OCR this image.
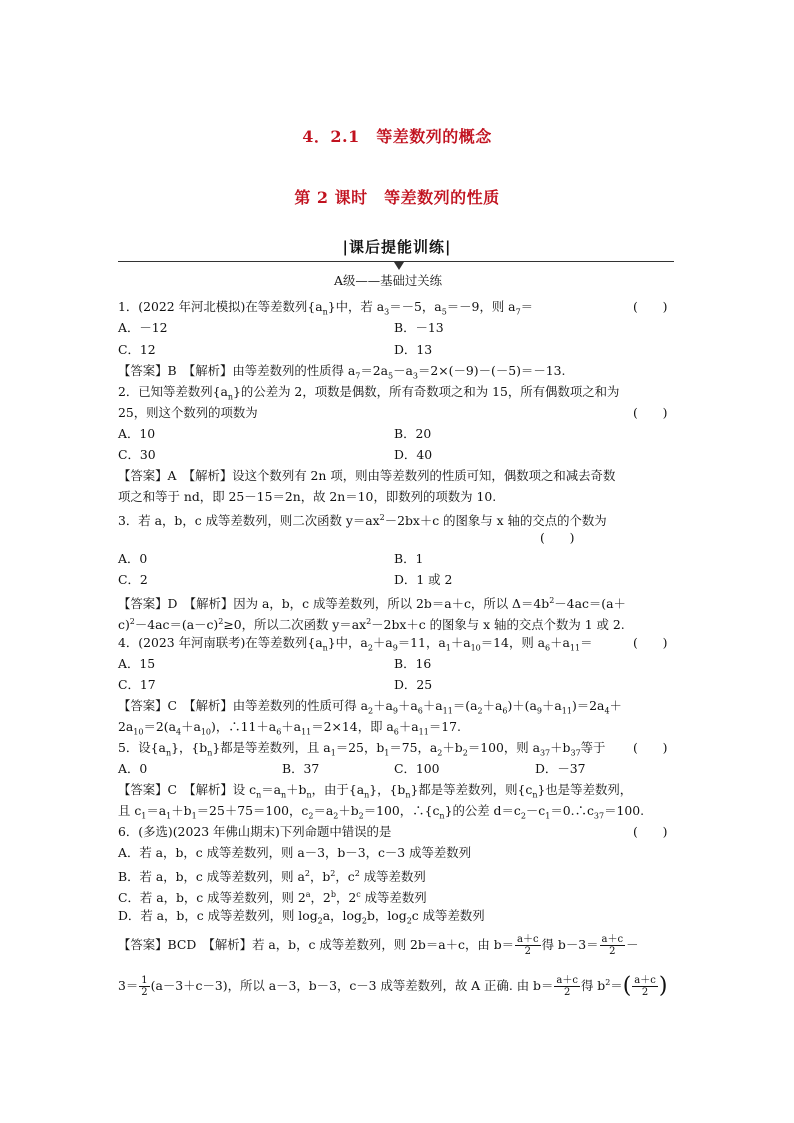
4．2.1　等差数列的概念
第 2 课时　等差数列的性质
|课后提能训练|
A级——基础过关练
1．(2022 年河北模拟)在等差数列$\{a_n\}$中，若 $a_3=-5$，$a_5=-9$，则 $a_7=$	(　　)
A．－12	B．－13
C．12	D．13
【答案】B　【解析】由等差数列的性质得 $a_7=2a_5-a_3=2\times(-9)-(-5)=-13$.
2．已知等差数列$\{a_n\}$的公差为 2，项数是偶数，所有奇数项之和为 15，所有偶数项之和为
25，则这个数列的项数为	(　　)
A．10	B．20
C．30	D．40
【答案】A　【解析】设这个数列有 2n 项，则由等差数列的性质可知，偶数项之和减去奇数
项之和等于 nd，即 25－15＝2n，故 2n＝10，即数列的项数为 10.
3．若 a，b，c 成等差数列，则二次函数 $y=ax^2-2bx+c$ 的图象与 x 轴的交点的个数为
(　　)
A．0	B．1
C．2	D．1 或 2
【答案】D　【解析】因为 a，b，c 成等差数列，所以 2b＝a＋c，所以 $\Delta=4b^2-4ac=(a+$
$c)^2-4ac=(a-c)^2\ge 0$，所以二次函数 $y=ax^2-2bx+c$ 的图象与 x 轴的交点个数为 1 或 2.
4．(2023 年河南联考)在等差数列$\{a_n\}$中，$a_2+a_9=11$，$a_1+a_{10}=14$，则 $a_6+a_{11}=$	(　　)
A．15	B．16
C．17	D．25
【答案】C　【解析】由等差数列的性质可得 $a_2+a_9+a_6+a_{11}=(a_2+a_6)+(a_9+a_{11})=2a_4+$
$2a_{10}=2(a_4+a_{10})$，$\therefore 11+a_6+a_{11}=2\times 14$，即 $a_6+a_{11}=17$.
5．设$\{a_n\}$，$\{b_n\}$都是等差数列，且 $a_1=25$，$b_1=75$，$a_2+b_2=100$，则 $a_{37}+b_{37}$等于	(　　)
A．0	B．37	C．100	D．－37
【答案】C　【解析】设 $c_n=a_n+b_n$，由于$\{a_n\}$，$\{b_n\}$都是等差数列，则$\{c_n\}$也是等差数列，
且 $c_1=a_1+b_1=25+75=100$，$c_2=a_2+b_2=100$，$\therefore\{c_n\}$的公差 $d=c_2-c_1=0.\therefore c_{37}=100$.
6．(多选)(2023 年佛山期末)下列命题中错误的是	(　　)
A．若 a，b，c 成等差数列，则 a－3，b－3，c－3 成等差数列
B．若 a，b，c 成等差数列，则 $a^2$，$b^2$，$c^2$ 成等差数列
C．若 a，b，c 成等差数列，则 2$^a$，2$^b$，2$^c$ 成等差数列
D．若 a，b，c 成等差数列，则 $\log_2a$，$\log_2b$，$\log_2c$ 成等差数列
【答案】BCD　【解析】若 a，b，c 成等差数列，则 2b＝a＋c，由 $b= \frac{a+c}{2}$ 得 $b-3= \frac{a+c}{2}$ －
$3= \frac{1}{2} (a-3+c-3)$，所以 a－3，b－3，c－3 成等差数列，故 A 正确. 由 $b= \frac{a+c}{2}$ 得 $b^2=( \frac{a+c}{2}$ )
